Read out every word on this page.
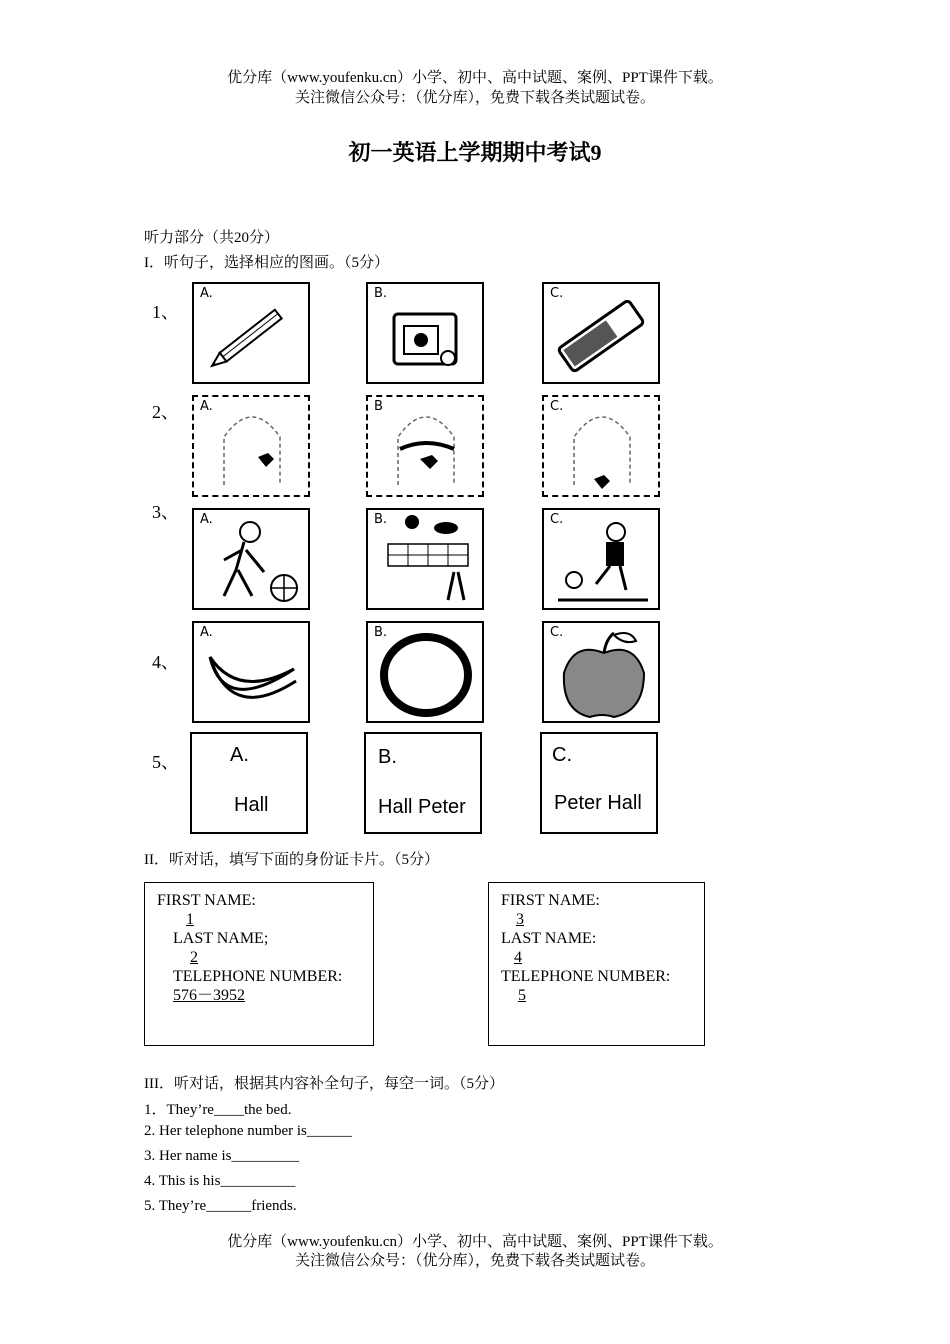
优分库（www.youfenku.cn）小学、初中、高中试题、案例、PPT课件下载。
关注微信公众号：（优分库），免费下载各类试题试卷。
初一英语上学期期中考试9
听力部分（共20分）
I．听句子，选择相应的图画。（5分）
1、
2、
3、
4、
5、
A.	B.	C.
A.	B	C.
A.	B.	C.
A.	B.	C.
A.
Hall
B.
Hall Peter
C.
Peter Hall
II．听对话，填写下面的身份证卡片。（5分）
FIRST NAME:
1
LAST NAME;
2
TELEPHONE NUMBER:
576－3952
FIRST NAME:
3
LAST NAME:
4
TELEPHONE NUMBER:
5
III．听对话，根据其内容补全句子，每空一词。（5分）
1．They’re____the bed.
2. Her telephone number is______
3. Her name is_________
4. This is his__________
5. They’re______friends.
优分库（www.youfenku.cn）小学、初中、高中试题、案例、PPT课件下载。
关注微信公众号：（优分库），免费下载各类试题试卷。
